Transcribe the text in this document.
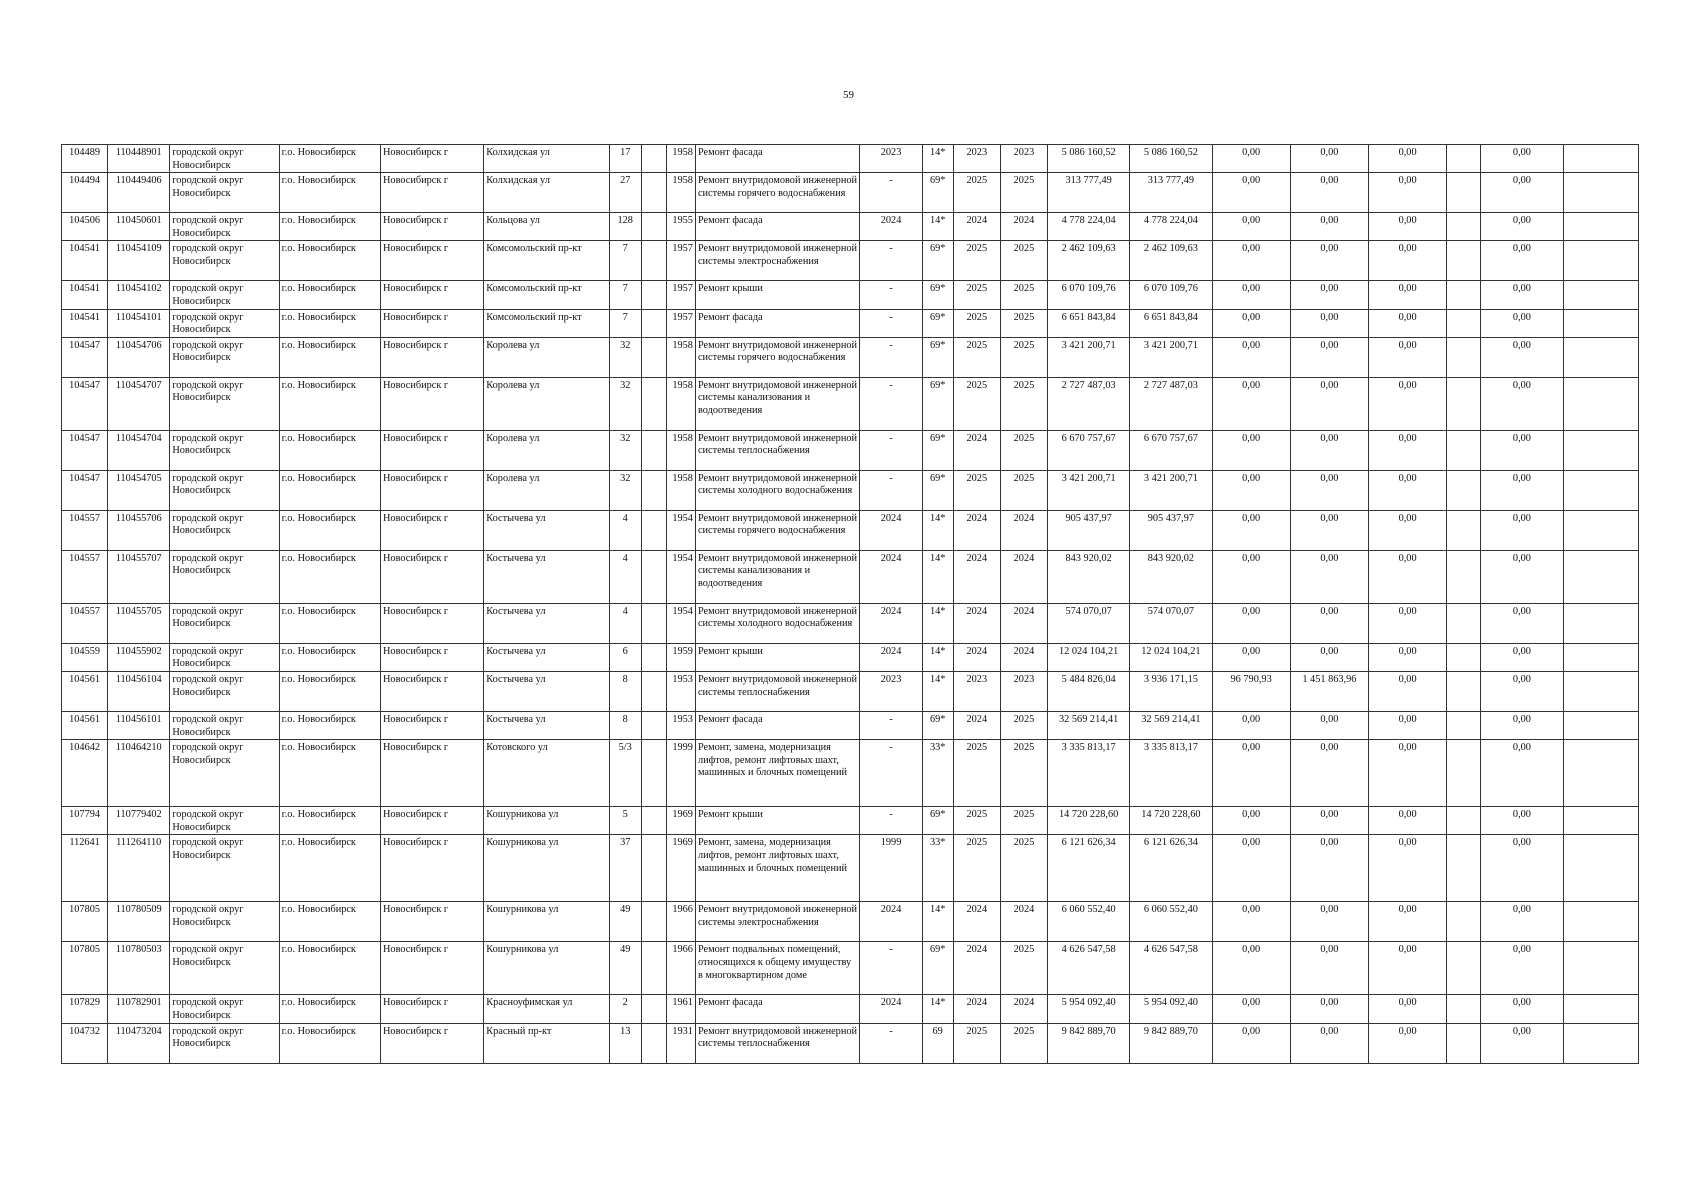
59
104489	110448901	городской округ Новосибирск	г.о. Новосибирск	Новосибирск г	Колхидская ул	17		1958	Ремонт фасада	2023	14*	2023	2023	5 086 160,52	5 086 160,52	0,00	0,00	0,00		0,00	
104494	110449406	городской округ Новосибирск	г.о. Новосибирск	Новосибирск г	Колхидская ул	27		1958	Ремонт внутридомовой инженерной системы горячего водоснабжения	-	69*	2025	2025	313 777,49	313 777,49	0,00	0,00	0,00		0,00	
104506	110450601	городской округ Новосибирск	г.о. Новосибирск	Новосибирск г	Кольцова ул	128		1955	Ремонт фасада	2024	14*	2024	2024	4 778 224,04	4 778 224,04	0,00	0,00	0,00		0,00	
104541	110454109	городской округ Новосибирск	г.о. Новосибирск	Новосибирск г	Комсомольский пр-кт	7		1957	Ремонт внутридомовой инженерной системы электроснабжения	-	69*	2025	2025	2 462 109,63	2 462 109,63	0,00	0,00	0,00		0,00	
104541	110454102	городской округ Новосибирск	г.о. Новосибирск	Новосибирск г	Комсомольский пр-кт	7		1957	Ремонт крыши	-	69*	2025	2025	6 070 109,76	6 070 109,76	0,00	0,00	0,00		0,00	
104541	110454101	городской округ Новосибирск	г.о. Новосибирск	Новосибирск г	Комсомольский пр-кт	7		1957	Ремонт фасада	-	69*	2025	2025	6 651 843,84	6 651 843,84	0,00	0,00	0,00		0,00	
104547	110454706	городской округ Новосибирск	г.о. Новосибирск	Новосибирск г	Королева ул	32		1958	Ремонт внутридомовой инженерной системы горячего водоснабжения	-	69*	2025	2025	3 421 200,71	3 421 200,71	0,00	0,00	0,00		0,00	
104547	110454707	городской округ Новосибирск	г.о. Новосибирск	Новосибирск г	Королева ул	32		1958	Ремонт внутридомовой инженерной системы канализования и водоотведения	-	69*	2025	2025	2 727 487,03	2 727 487,03	0,00	0,00	0,00		0,00	
104547	110454704	городской округ Новосибирск	г.о. Новосибирск	Новосибирск г	Королева ул	32		1958	Ремонт внутридомовой инженерной системы теплоснабжения	-	69*	2024	2025	6 670 757,67	6 670 757,67	0,00	0,00	0,00		0,00	
104547	110454705	городской округ Новосибирск	г.о. Новосибирск	Новосибирск г	Королева ул	32		1958	Ремонт внутридомовой инженерной системы холодного водоснабжения	-	69*	2025	2025	3 421 200,71	3 421 200,71	0,00	0,00	0,00		0,00	
104557	110455706	городской округ Новосибирск	г.о. Новосибирск	Новосибирск г	Костычева ул	4		1954	Ремонт внутридомовой инженерной системы горячего водоснабжения	2024	14*	2024	2024	905 437,97	905 437,97	0,00	0,00	0,00		0,00	
104557	110455707	городской округ Новосибирск	г.о. Новосибирск	Новосибирск г	Костычева ул	4		1954	Ремонт внутридомовой инженерной системы канализования и водоотведения	2024	14*	2024	2024	843 920,02	843 920,02	0,00	0,00	0,00		0,00	
104557	110455705	городской округ Новосибирск	г.о. Новосибирск	Новосибирск г	Костычева ул	4		1954	Ремонт внутридомовой инженерной системы холодного водоснабжения	2024	14*	2024	2024	574 070,07	574 070,07	0,00	0,00	0,00		0,00	
104559	110455902	городской округ Новосибирск	г.о. Новосибирск	Новосибирск г	Костычева ул	6		1959	Ремонт крыши	2024	14*	2024	2024	12 024 104,21	12 024 104,21	0,00	0,00	0,00		0,00	
104561	110456104	городской округ Новосибирск	г.о. Новосибирск	Новосибирск г	Костычева ул	8		1953	Ремонт внутридомовой инженерной системы теплоснабжения	2023	14*	2023	2023	5 484 826,04	3 936 171,15	96 790,93	1 451 863,96	0,00		0,00	
104561	110456101	городской округ Новосибирск	г.о. Новосибирск	Новосибирск г	Костычева ул	8		1953	Ремонт фасада	-	69*	2024	2025	32 569 214,41	32 569 214,41	0,00	0,00	0,00		0,00	
104642	110464210	городской округ Новосибирск	г.о. Новосибирск	Новосибирск г	Котовского ул	5/3		1999	Ремонт, замена, модернизация лифтов, ремонт лифтовых шахт, машинных и блочных помещений	-	33*	2025	2025	3 335 813,17	3 335 813,17	0,00	0,00	0,00		0,00	
107794	110779402	городской округ Новосибирск	г.о. Новосибирск	Новосибирск г	Кошурникова ул	5		1969	Ремонт крыши	-	69*	2025	2025	14 720 228,60	14 720 228,60	0,00	0,00	0,00		0,00	
112641	111264110	городской округ Новосибирск	г.о. Новосибирск	Новосибирск г	Кошурникова ул	37		1969	Ремонт, замена, модернизация лифтов, ремонт лифтовых шахт, машинных и блочных помещений	1999	33*	2025	2025	6 121 626,34	6 121 626,34	0,00	0,00	0,00		0,00	
107805	110780509	городской округ Новосибирск	г.о. Новосибирск	Новосибирск г	Кошурникова ул	49		1966	Ремонт внутридомовой инженерной системы электроснабжения	2024	14*	2024	2024	6 060 552,40	6 060 552,40	0,00	0,00	0,00		0,00	
107805	110780503	городской округ Новосибирск	г.о. Новосибирск	Новосибирск г	Кошурникова ул	49		1966	Ремонт подвальных помещений, относящихся к общему имуществу в многоквартирном доме	-	69*	2024	2025	4 626 547,58	4 626 547,58	0,00	0,00	0,00		0,00	
107829	110782901	городской округ Новосибирск	г.о. Новосибирск	Новосибирск г	Красноуфимская ул	2		1961	Ремонт фасада	2024	14*	2024	2024	5 954 092,40	5 954 092,40	0,00	0,00	0,00		0,00	
104732	110473204	городской округ Новосибирск	г.о. Новосибирск	Новосибирск г	Красный пр-кт	13		1931	Ремонт внутридомовой инженерной системы теплоснабжения	-	69	2025	2025	9 842 889,70	9 842 889,70	0,00	0,00	0,00		0,00	
